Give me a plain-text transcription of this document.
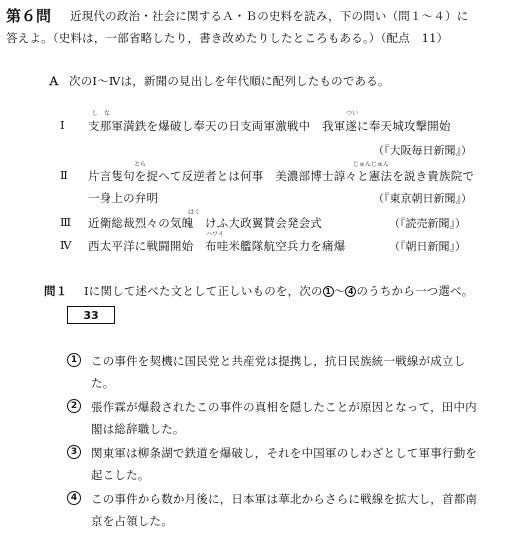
第６問 近現代の政治・社会に関するＡ・Ｂの史料を読み，下の問い（問１～４）に
答えよ。（史料は，一部省略したり，書き改めたりしたところもある。）（配点　11）
Ａ 次のⅠ～Ⅳは，新聞の見出しを年代順に配列したものである。
し　な	つい
Ⅰ 支那軍満鉄を爆破し奉天の日支両軍激戦中　我軍遂に奉天城攻撃開始
（『大阪毎日新聞』）
とら	じゅんじゅん
Ⅱ 片言隻句を捉へて反逆者とは何事　美濃部博士諄々と憲法を説き貴族院で
一身上の弁明	（『東京朝日新聞』）
はく
Ⅲ 近衛総裁烈々の気魄　けふ大政翼賛会発会式	（『読売新聞』）
ハワイ
Ⅳ 西太平洋に戦闘開始　布哇米艦隊航空兵力を痛爆	（『朝日新聞』）
問１ Ⅰに関して述べた文として正しいものを，次の 1 ～ 4 のうちから一つ選べ。
33
1	この事件を契機に国民党と共産党は提携し，抗日民族統一戦線が成立し
た。
2	張作霖が爆殺されたこの事件の真相を隠したことが原因となって，田中内
閣は総辞職した。
3	関東軍は柳条湖で鉄道を爆破し，それを中国軍のしわざとして軍事行動を
起こした。
4	この事件から数か月後に，日本軍は華北からさらに戦線を拡大し，首都南
京を占領した。
